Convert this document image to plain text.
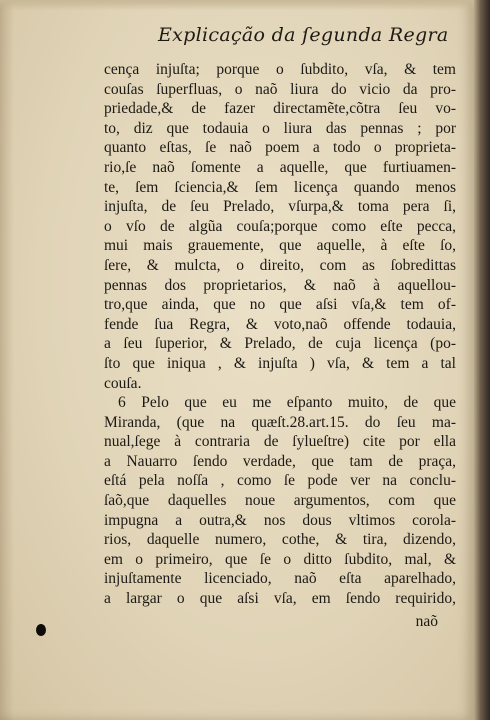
Explicação da ſegunda Regra
cença injuſta; porque o ſubdito, vſa, & tem
couſas ſuperfluas, o naõ liura do vicio da pro-
priedade,& de fazer directamẽte,cõtra ſeu vo-
to, diz que todauia o liura das pennas ; por
quanto eſtas, ſe naõ poem a todo o proprieta-
rio,ſe naõ ſomente a aquelle, que furtiuamen-
te, ſem ſciencia,& ſem licença quando menos
injuſta, de ſeu Prelado, vſurpa,& toma pera ſi,
o vſo de algũa couſa;porque como eſte pecca,
mui mais grauemente, que aquelle, à eſte ſo,
ſere, & mulcta, o direito, com as ſobredittas
pennas dos proprietarios, & naõ à aquellou-
tro,que ainda, que no que aſsi vſa,& tem of-
fende ſua Regra, & voto,naõ offende todauia,
a ſeu ſuperior, & Prelado, de cuja licença (po-
ſto que iniqua , & injuſta ) vſa, & tem a tal
couſa.
6 Pelo que eu me eſpanto muito, de que
Miranda, (que na quæſt.28.art.15. do ſeu ma-
nual,ſege à contraria de ſylueſtre) cite por ella
a Nauarro ſendo verdade, que tam de praça,
eſtá pela noſſa , como ſe pode ver na conclu-
ſaõ,que daquelles noue argumentos, com que
impugna a outra,& nos dous vltimos corola-
rios, daquelle numero, cothe, & tira, dizendo,
em o primeiro, que ſe o ditto ſubdito, mal, &
injuſtamente licenciado, naõ eſta aparelhado,
a largar o que aſsi vſa, em ſendo requirido,
naõ
